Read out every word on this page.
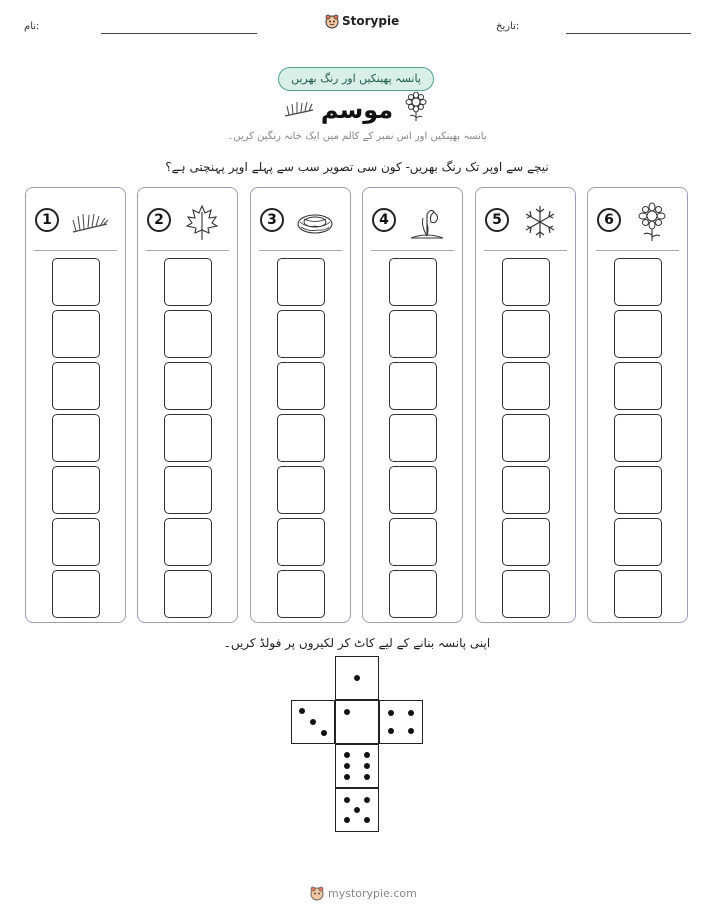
نام:	تاریخ:
Storypie
پانسہ پھینکیں اور رنگ بھریں
موسم
پانسہ پھینکیں اور اس نمبر کے کالم میں ایک خانہ رنگین کریں۔
نیچے سے اوپر تک رنگ بھریں- کون سی تصویر سب سے پہلے اوپر پہنچتی ہے؟
1	2	3	4	5	6
اپنی پانسہ بنانے کے لیے کاٹ کر لکیروں پر فولڈ کریں۔
mystorypie.com
